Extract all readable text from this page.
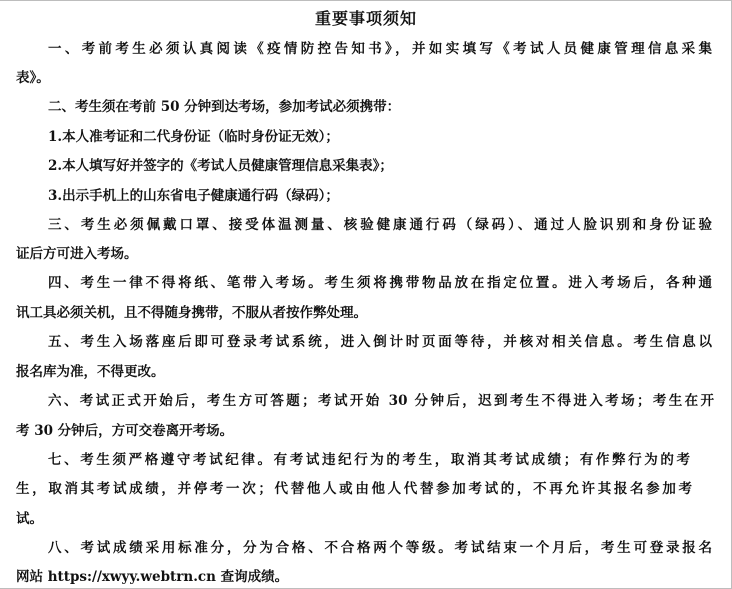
重要事项须知
一、考前考生必须认真阅读《疫情防控告知书》，并如实填写《考试人员健康管理信息采集
表》。
二、考生须在考前 50 分钟到达考场，参加考试必须携带：
1.本人准考证和二代身份证（临时身份证无效）；
2.本人填写好并签字的《考试人员健康管理信息采集表》；
3.出示手机上的山东省电子健康通行码（绿码）；
三、考生必须佩戴口罩、接受体温测量、核验健康通行码（绿码）、通过人脸识别和身份证验
证后方可进入考场。
四、考生一律不得将纸、笔带入考场。考生须将携带物品放在指定位置。进入考场后，各种通
讯工具必须关机，且不得随身携带，不服从者按作弊处理。
五、考生入场落座后即可登录考试系统，进入倒计时页面等待，并核对相关信息。考生信息以
报名库为准，不得更改。
六、考试正式开始后，考生方可答题；考试开始 30 分钟后，迟到考生不得进入考场；考生在开
考 30 分钟后，方可交卷离开考场。
七、考生须严格遵守考试纪律。有考试违纪行为的考生，取消其考试成绩；有作弊行为的考
生，取消其考试成绩，并停考一次；代替他人或由他人代替参加考试的，不再允许其报名参加考
试。
八、考试成绩采用标准分，分为合格、不合格两个等级。考试结束一个月后，考生可登录报名
网站 https://xwyy.webtrn.cn 查询成绩。
